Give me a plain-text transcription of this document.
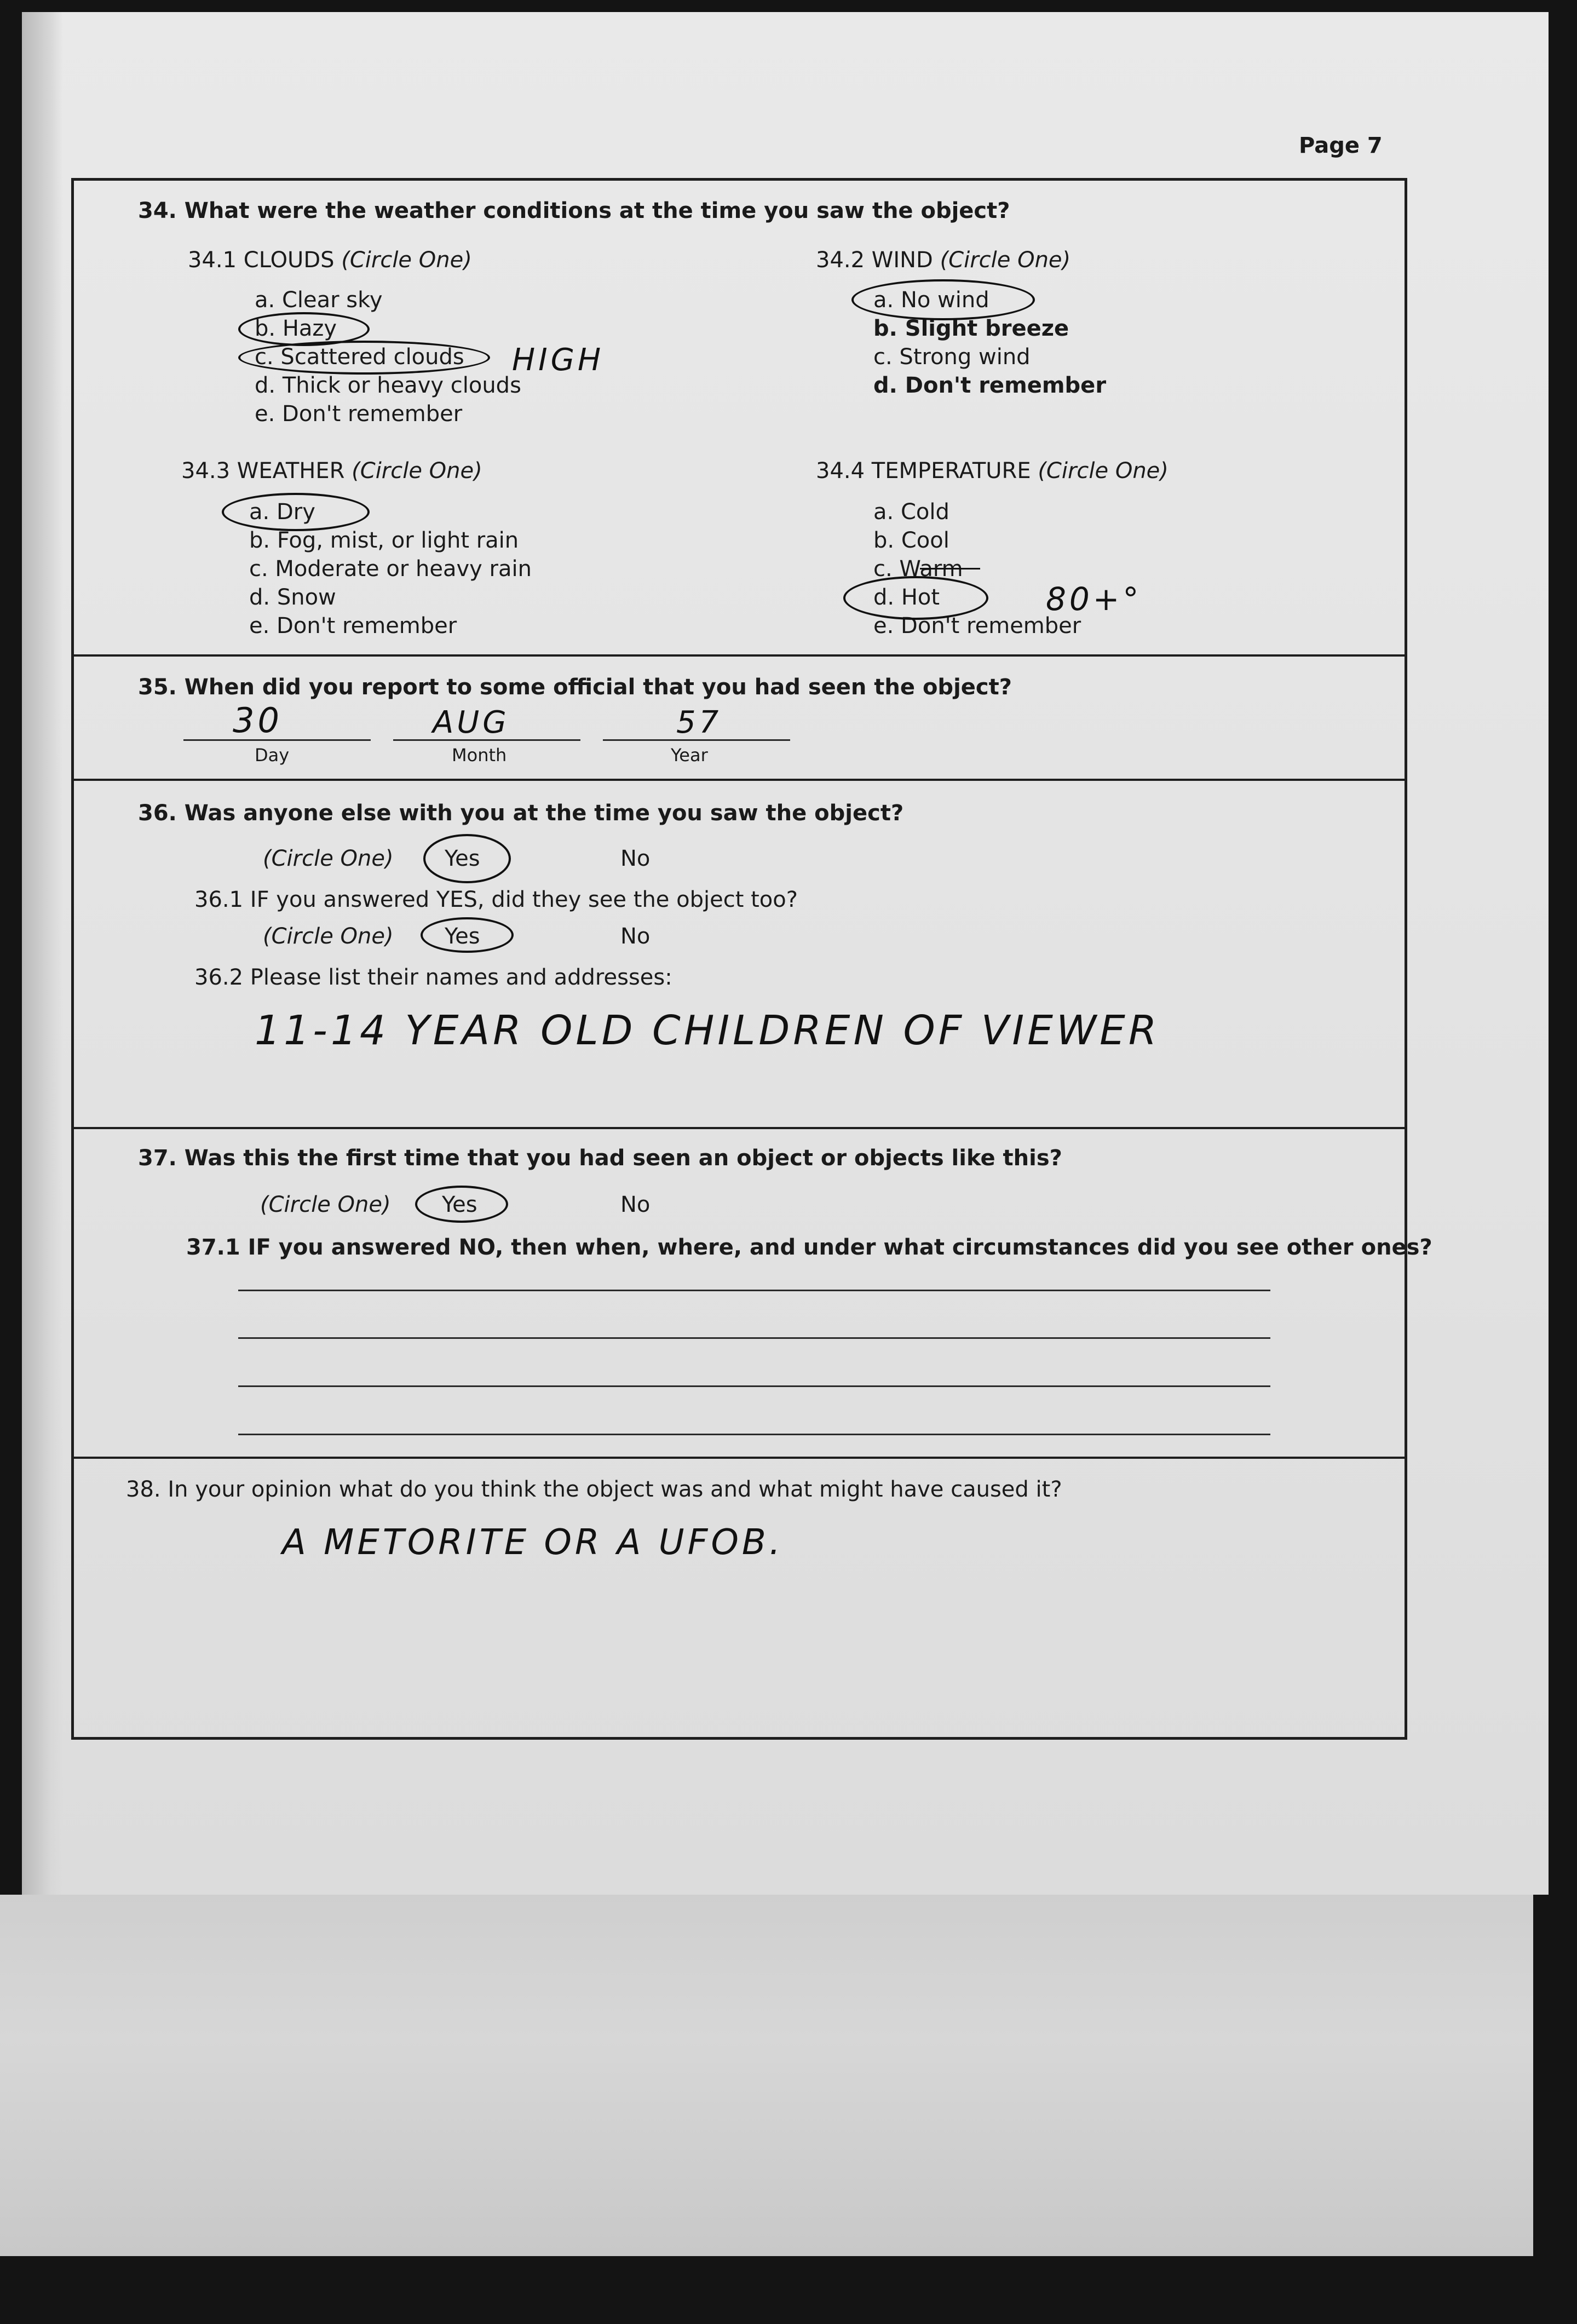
Page 7
34. What were the weather conditions at the time you saw the object?
34.1 CLOUDS (Circle One)
a. Clear sky
b. Hazy
c. Scattered clouds
d. Thick or heavy clouds
e. Don't remember
HIGH
34.2 WIND (Circle One)
a. No wind
b. Slight breeze
c. Strong wind
d. Don't remember
34.3 WEATHER (Circle One)
a. Dry
b. Fog, mist, or light rain
c. Moderate or heavy rain
d. Snow
e. Don't remember
34.4 TEMPERATURE (Circle One)
a. Cold
b. Cool
c. Warm
d. Hot
e. Don't remember
80+°
35. When did you report to some official that you had seen the object?
30	AUG	57
Day	Month	Year
36. Was anyone else with you at the time you saw the object?
(Circle One) Yes	No
36.1 IF you answered YES, did they see the object too?
(Circle One) Yes	No
36.2 Please list their names and addresses:
11-14 YEAR OLD CHILDREN OF VIEWER
37. Was this the first time that you had seen an object or objects like this?
(Circle One) Yes	No
37.1 IF you answered NO, then when, where, and under what circumstances did you see other ones?
38. In your opinion what do you think the object was and what might have caused it?
A METORITE OR A UFOB.
